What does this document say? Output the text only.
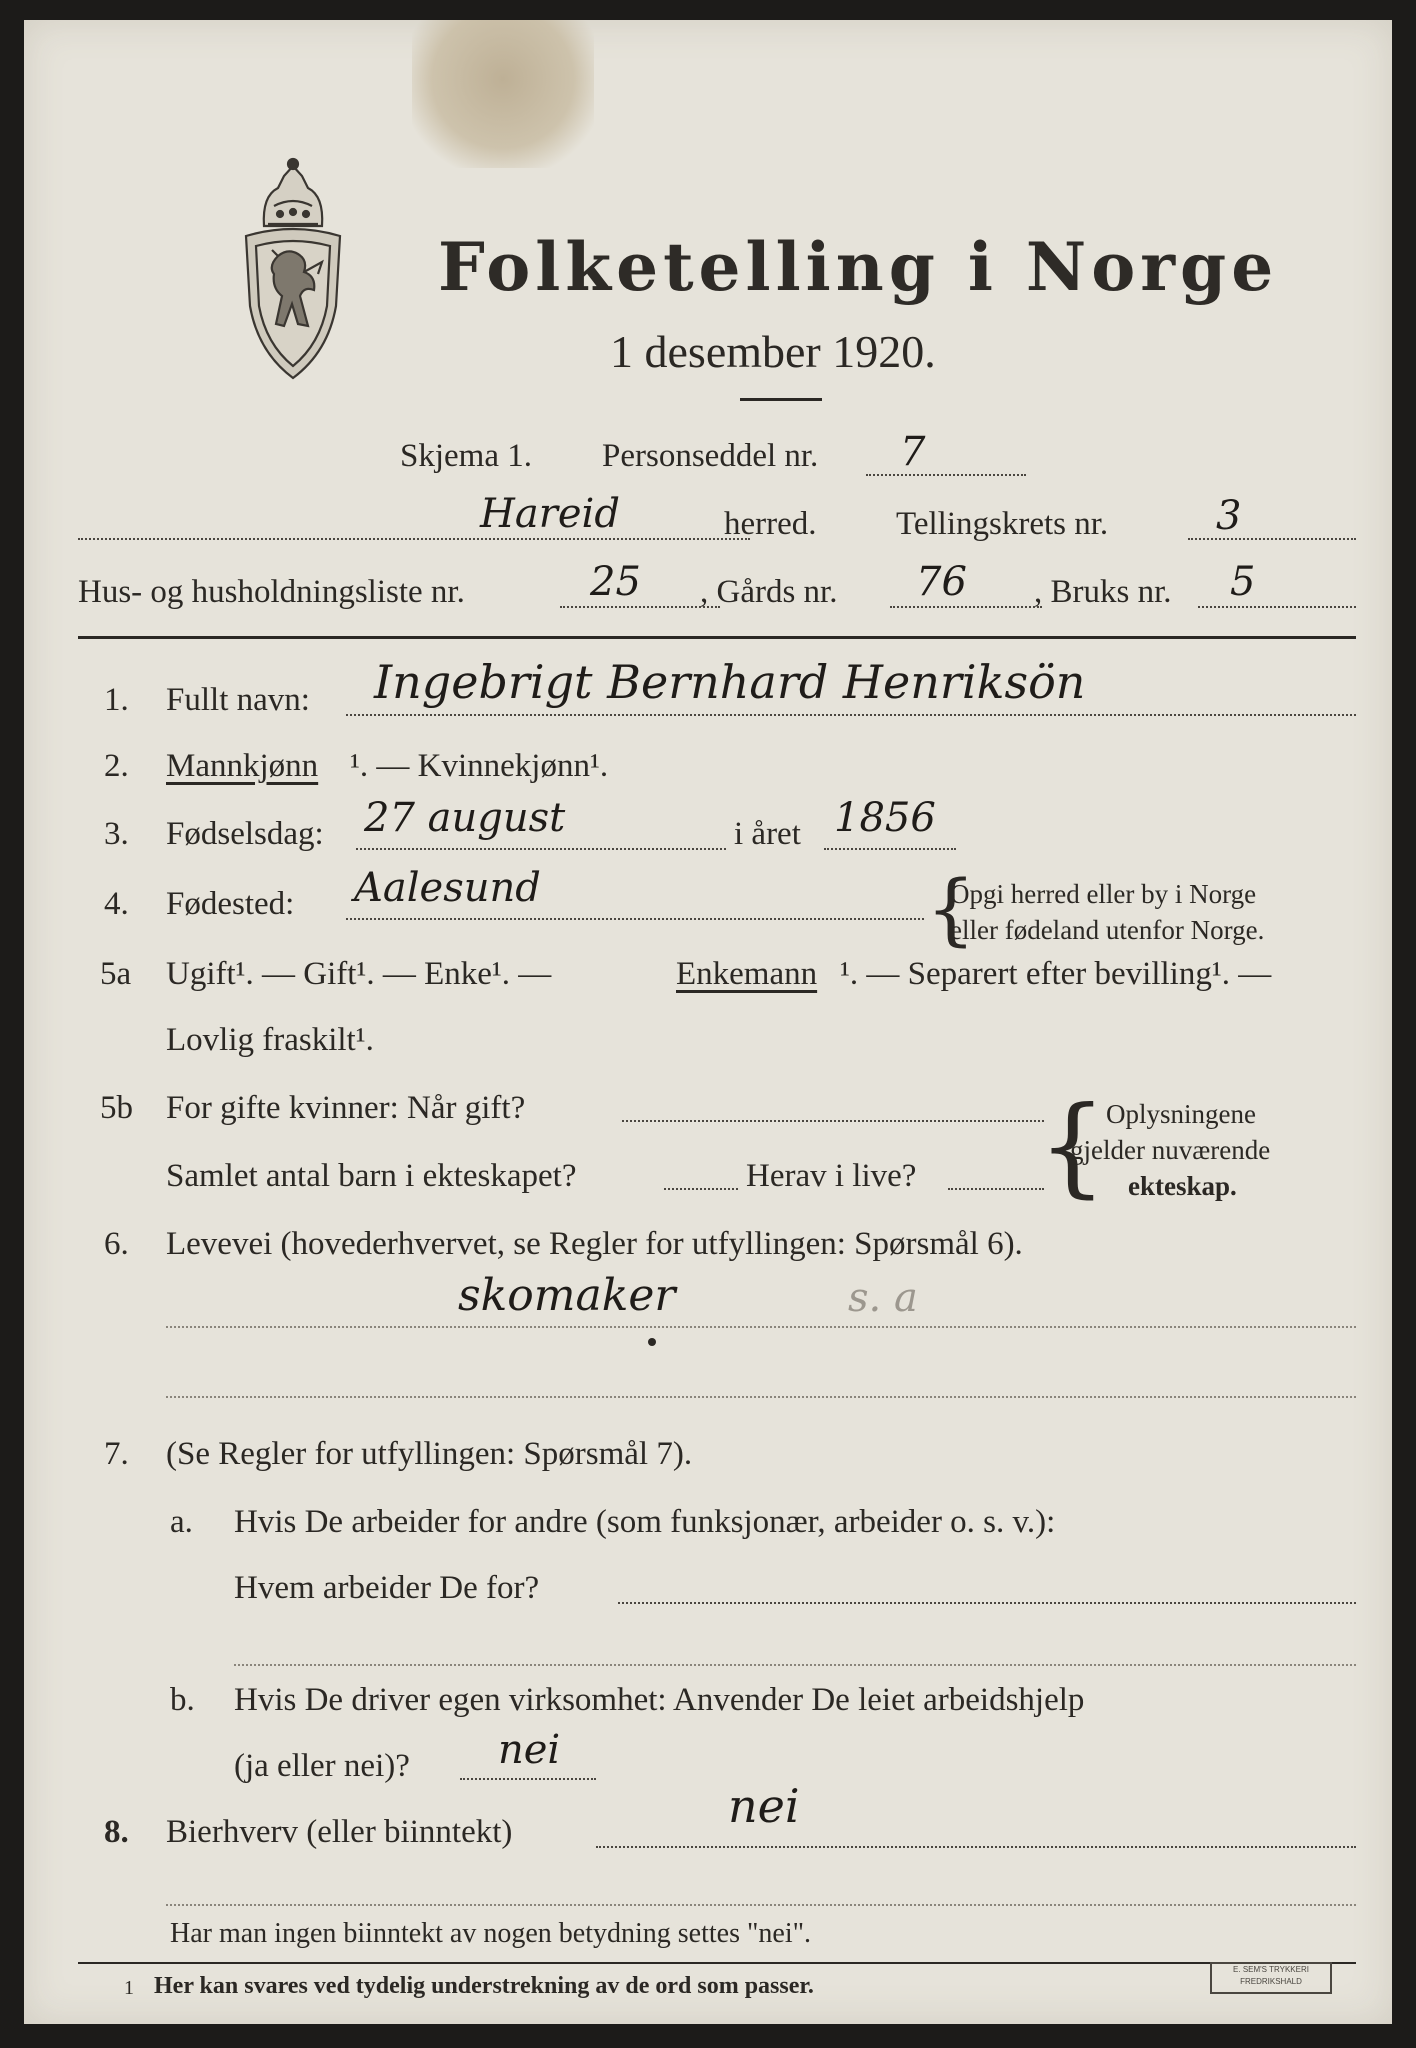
Folketelling i Norge
1 desember 1920.
Skjema 1. Personseddel nr. 7
Hareid	herred. Tellingskrets nr.	3
Hus- og husholdningsliste nr.	25 , Gårds nr. 76 , Bruks nr. 5
1. Fullt navn: Ingebrigt Bernhard Henriksön
2. Mannkjønn ¹. — Kvinnekjønn¹.
3. Fødselsdag: 27 august	i året 1856
4. Fødested: Aalesund	{
Opgi herred eller by i Norge
eller fødeland utenfor Norge.
5a Ugift¹. — Gift¹. — Enke¹. —	Enkemann ¹. — Separert efter bevilling¹. —
Lovlig fraskilt¹.
5b For gifte kvinner: Når gift?
Samlet antal barn i ekteskapet?	Herav i live? { Oplysningene
gjelder nuværende
ekteskap.
6. Levevei (hovederhvervet, se Regler for utfyllingen: Spørsmål 6).
skomaker	s. a
7. (Se Regler for utfyllingen: Spørsmål 7).
a. Hvis De arbeider for andre (som funksjonær, arbeider o. s. v.):
Hvem arbeider De for?
b. Hvis De driver egen virksomhet: Anvender De leiet arbeidshjelp
(ja eller nei)? nei
8. Bierhverv (eller biinntekt)	nei
Har man ingen biinntekt av nogen betydning settes "nei".
1 Her kan svares ved tydelig understrekning av de ord som passer.
E. SEM'S TRYKKERI
FREDRIKSHALD
